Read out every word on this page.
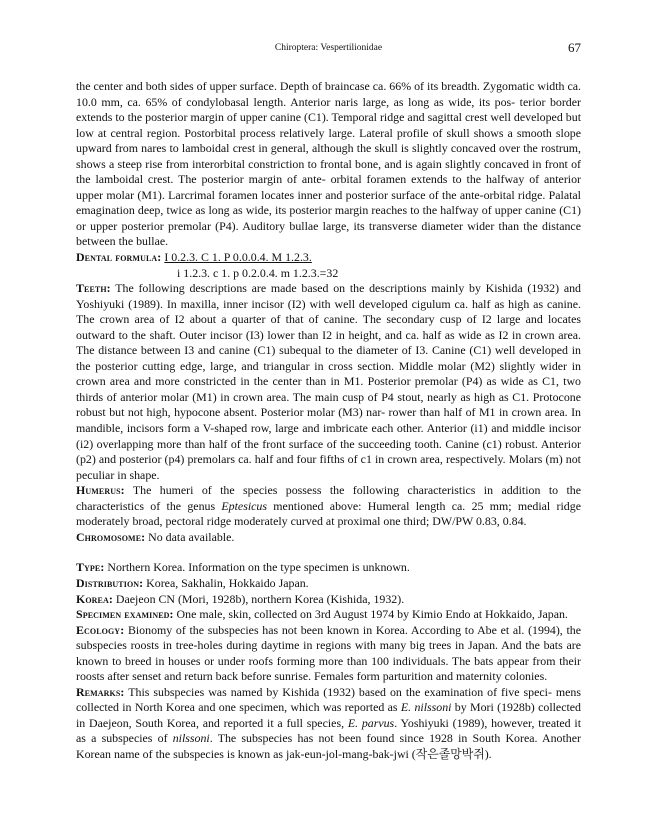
Chiroptera: Vespertilionidae	67

the center and both sides of upper surface. Depth of braincase ca. 66% of its breadth. Zygomatic width ca. 10.0 mm, ca. 65% of condylobasal length. Anterior naris large, as long as wide, its pos- terior border extends to the posterior margin of upper canine (C1). Temporal ridge and sagittal crest well developed but low at central region. Postorbital process relatively large. Lateral profile of skull shows a smooth slope upward from nares to lamboidal crest in general, although the skull is slightly concaved over the rostrum, shows a steep rise from interorbital constriction to frontal bone, and is again slightly concaved in front of the lamboidal crest. The posterior margin of ante- orbital foramen extends to the halfway of anterior upper molar (M1). Larcrimal foramen locates inner and posterior surface of the ante-orbital ridge. Palatal emagination deep, twice as long as wide, its posterior margin reaches to the halfway of upper canine (C1) or upper posterior premolar (P4). Auditory bullae large, its transverse diameter wider than the distance between the bullae.

Dental formula: I 0.2.3. C 1. P 0.0.0.4. M 1.2.3.

i 1.2.3. c 1. p 0.2.0.4. m 1.2.3.=32

Teeth: The following descriptions are made based on the descriptions mainly by Kishida (1932) and Yoshiyuki (1989). In maxilla, inner incisor (I2) with well developed cigulum ca. half as high as canine. The crown area of I2 about a quarter of that of canine. The secondary cusp of I2 large and locates outward to the shaft. Outer incisor (I3) lower than I2 in height, and ca. half as wide as I2 in crown area. The distance between I3 and canine (C1) subequal to the diameter of I3. Canine (C1) well developed in the posterior cutting edge, large, and triangular in cross section. Middle molar (M2) slightly wider in crown area and more constricted in the center than in M1. Posterior premolar (P4) as wide as C1, two thirds of anterior molar (M1) in crown area. The main cusp of P4 stout, nearly as high as C1. Protocone robust but not high, hypocone absent. Posterior molar (M3) nar- rower than half of M1 in crown area. In mandible, incisors form a V-shaped row, large and imbricate each other. Anterior (i1) and middle incisor (i2) overlapping more than half of the front surface of the succeeding tooth. Canine (c1) robust. Anterior (p2) and posterior (p4) premolars ca. half and four fifths of c1 in crown area, respectively. Molars (m) not peculiar in shape.

Humerus: The humeri of the species possess the following characteristics in addition to the characteristics of the genus Eptesicus mentioned above: Humeral length ca. 25 mm; medial ridge moderately broad, pectoral ridge moderately curved at proximal one third; DW/PW 0.83, 0.84.

Chromosome: No data available.

Type: Northern Korea. Information on the type specimen is unknown.

Distribution: Korea, Sakhalin, Hokkaido Japan.

Korea: Daejeon CN (Mori, 1928b), northern Korea (Kishida, 1932).

Specimen examined: One male, skin, collected on 3rd August 1974 by Kimio Endo at Hokkaido, Japan.

Ecology: Bionomy of the subspecies has not been known in Korea. According to Abe et al. (1994), the subspecies roosts in tree-holes during daytime in regions with many big trees in Japan. And the bats are known to breed in houses or under roofs forming more than 100 individuals. The bats appear from their roosts after senset and return back before sunrise. Females form parturition and maternity colonies.

Remarks: This subspecies was named by Kishida (1932) based on the examination of five speci- mens collected in North Korea and one specimen, which was reported as E. nilssoni by Mori (1928b) collected in Daejeon, South Korea, and reported it a full species, E. parvus. Yoshiyuki (1989), however, treated it as a subspecies of nilssoni. The subspecies has not been found since 1928 in South Korea. Another Korean name of the subspecies is known as jak-eun-jol-mang-bak-jwi (작은졸망박쥐).
